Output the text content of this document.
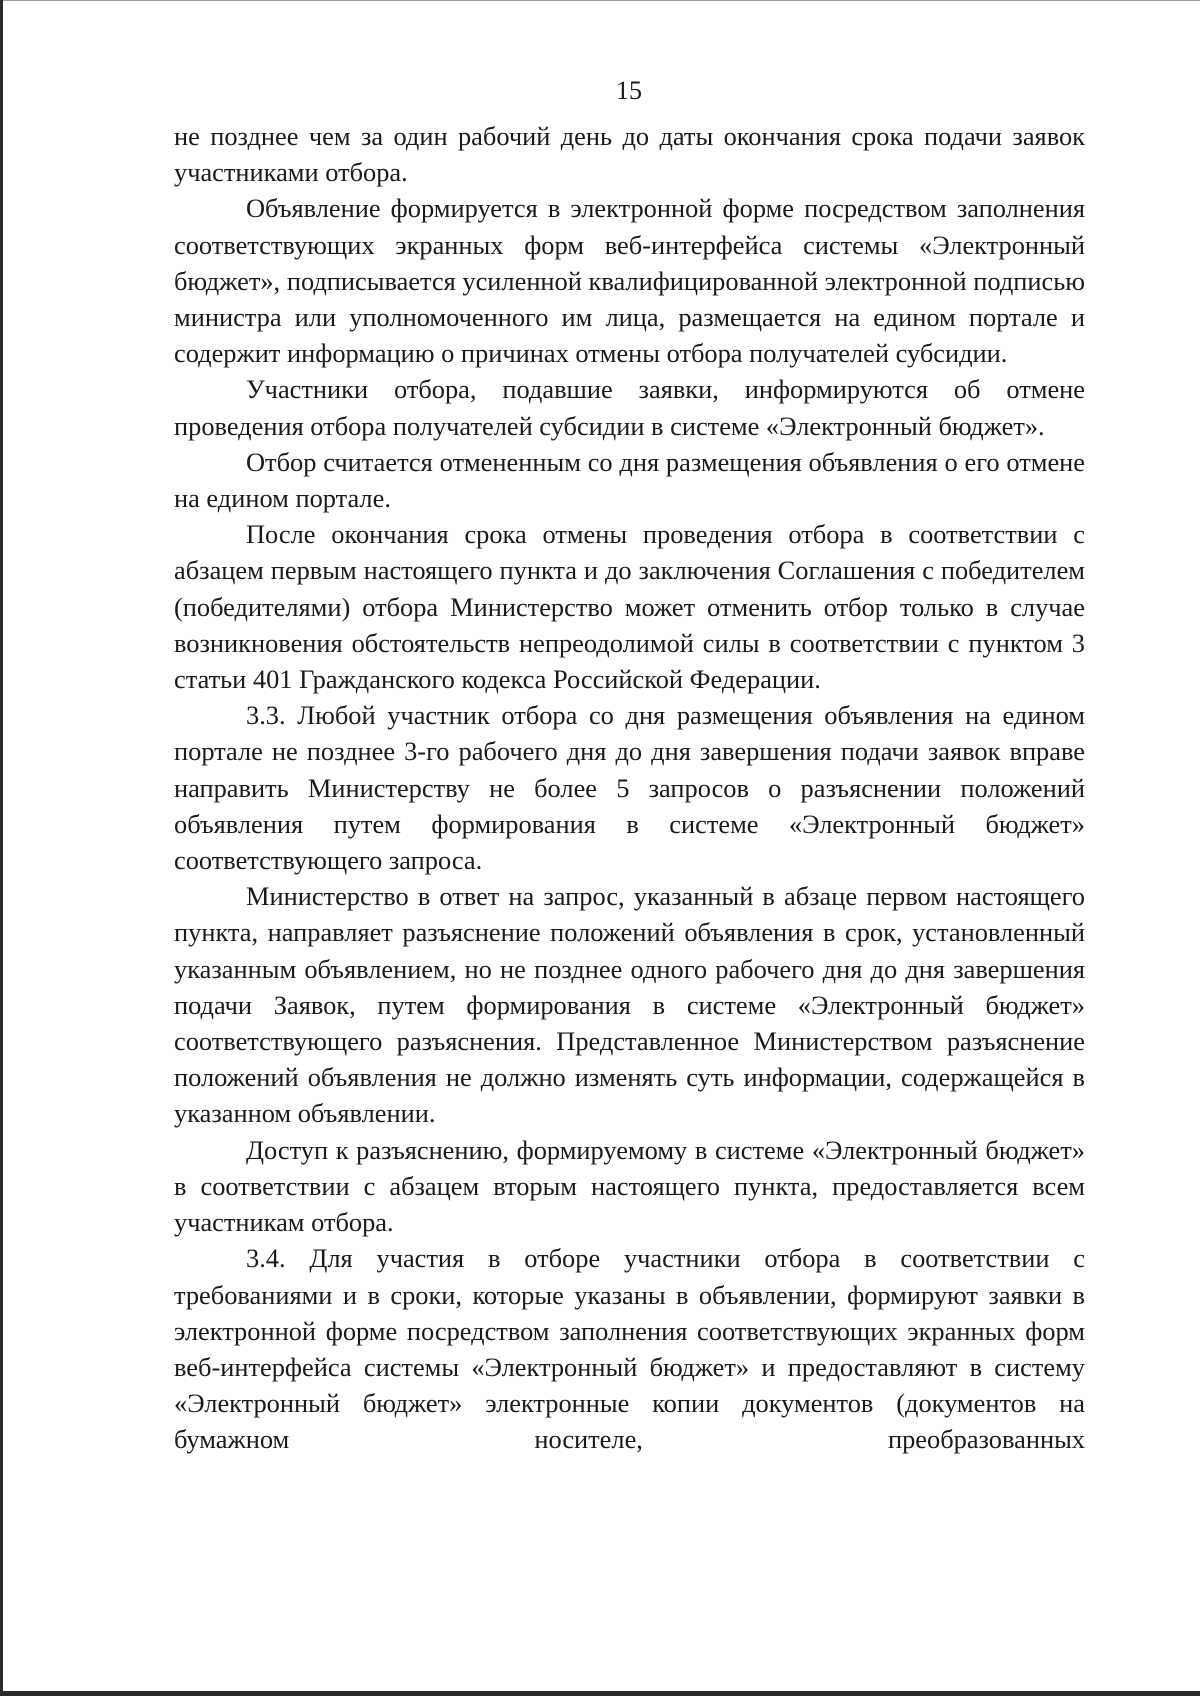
15

не позднее чем за один рабочий день до даты окончания срока подачи заявок участниками отбора.

Объявление формируется в электронной форме посредством заполнения соответствующих экранных форм веб-интерфейса системы «Электронный бюджет», подписывается усиленной квалифицированной электронной подписью министра или уполномоченного им лица, размещается на едином портале и содержит информацию о причинах отмены отбора получателей субсидии.

Участники отбора, подавшие заявки, информируются об отмене проведения отбора получателей субсидии в системе «Электронный бюджет».

Отбор считается отмененным со дня размещения объявления о его отмене на едином портале.

После окончания срока отмены проведения отбора в соответствии с абзацем первым настоящего пункта и до заключения Соглашения с победителем (победителями) отбора Министерство может отменить отбор только в случае возникновения обстоятельств непреодолимой силы в соответствии с пунктом 3 статьи 401 Гражданского кодекса Российской Федерации.

3.3. Любой участник отбора со дня размещения объявления на едином портале не позднее 3-го рабочего дня до дня завершения подачи заявок вправе направить Министерству не более 5 запросов о разъяснении положений объявления путем формирования в системе «Электронный бюджет» соответствующего запроса.

Министерство в ответ на запрос, указанный в абзаце первом настоящего пункта, направляет разъяснение положений объявления в срок, установленный указанным объявлением, но не позднее одного рабочего дня до дня завершения подачи Заявок, путем формирования в системе «Электронный бюджет» соответствующего разъяснения. Представленное Министерством разъяснение положений объявления не должно изменять суть информации, содержащейся в указанном объявлении.

Доступ к разъяснению, формируемому в системе «Электронный бюджет» в соответствии с абзацем вторым настоящего пункта, предоставляется всем участникам отбора.

3.4. Для участия в отборе участники отбора в соответствии с требованиями и в сроки, которые указаны в объявлении, формируют заявки в электронной форме посредством заполнения соответствующих экранных форм веб-интерфейса системы «Электронный бюджет» и предоставляют в систему «Электронный бюджет» электронные копии документов (документов на бумажном носителе, преобразованных
